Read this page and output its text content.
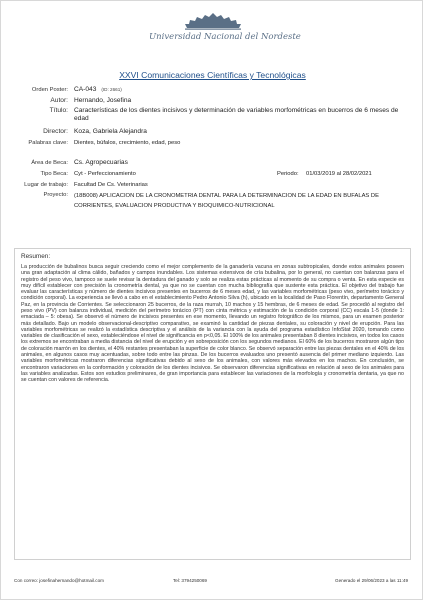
Universidad Nacional del Nordeste
XXVI Comunicaciones Científicas y Tecnológicas
Orden Poster: CA-043 (ID: 2661)
Autor: Hernando, Josefina
Título: Características de los dientes incisivos y determinación de variables morfométricas en bucerros de 6 meses de edad
Director: Koza, Gabriela Alejandra
Palabras clave: Dientes, búfalos, crecimiento, edad, peso
Área de Beca: Cs. Agropecuarias
Tipo Beca: Cyt - Perfeccionamiento	Periodo: 01/03/2019 al 28/02/2021
Lugar de trabajo: Facultad De Cs. Veterinarias
Proyecto: (18B008) APLICACION DE LA CRONOMETRIA DENTAL PARA LA DETERMINACION DE LA EDAD EN BUFALAS DE CORRIENTES, EVALUACION PRODUCTIVA Y BIOQUIMICO-NUTRICIONAL
Resumen:
La producción de bubalinos busca seguir creciendo como el mejor complemento de la ganadería vacuna en zonas subtropicales, donde estos animales poseen una gran adaptación al clima cálido, bañados y campos inundables. Los sistemas extensivos de cría bubalina, por lo general, no cuentan con balanzas para el registro del peso vivo, tampoco se suele revisar la dentadura del ganado y solo se realiza estas prácticas al momento de su compra o venta. En esta especie es muy difícil establecer con precisión la cronometría dental, ya que no se cuentan con mucha bibliografía que sustente esta práctica. El objetivo del trabajo fue evaluar las características y número de dientes incisivos presentes en bucerros de 6 meses edad, y las variables morfométricas (peso vivo, perímetro torácico y condición corporal). La experiencia se llevó a cabo en el establecimiento Pedro Antonio Silva (h), ubicado en la localidad de Paso Florentín, departamento General Paz, en la provincia de Corrientes. Se seleccionaron 25 bucerros, de la raza murrah, 10 machos y 15 hembras, de 6 meses de edad. Se procedió al registro del peso vivo (PV) con balanza individual, medición del perímetro torácico (PT) con cinta métrica y estimación de la condición corporal (CC) escala 1-5 (donde 1: emaciada – 5: obesa). Se observó el número de incisivos presentes en ese momento, llevando un registro fotográfico de los mismos, para un examen posterior más detallado. Bajo un modelo observacional-descriptivo comparativo, se examinó la cantidad de piezas dentales, su coloración y nivel de erupción. Para las variables morfométricas se realizó la estadística descriptiva y el análisis de la variancia con la ayuda del programa estadístico InfoStat 2020, tomando como variables de clasificación el sexo, estableciéndose el nivel de significancia en p<0,05. El 100% de los animales presentaban 8 dientes incisivos, en todos los casos los extremos se encontraban a media distancia del nivel de erupción y en sobreposición con los segundos medianos. El 60% de los bucerros mostraron algún tipo de coloración marrón en los dientes, el 40% restantes presentaban la superficie de color blanco. Se observó separación entre las piezas dentales en el 40% de los animales, en algunos casos muy acentuadas, sobre todo entre las pinzas. De los bucerros evaluados uno presentó ausencia del primer mediano izquierdo. Las variables morfométricas mostraron diferencias significativas debido al sexo de los animales, con valores más elevados en los machos. En conclusión, se encontraron variaciones en la conformación y coloración de los dientes incisivos. Se observaron diferencias significativas en relación al sexo de los animales para las variables analizadas. Estos son estudios preliminares, de gran importancia para establecer las variaciones de la morfología y cronometría dentaria, ya que no se cuentan con valores de referencia.
Con correo: josefinahernando@hotmail.com	Tel: 3794250069	Generado el 29/06/2023 a las 11:49
